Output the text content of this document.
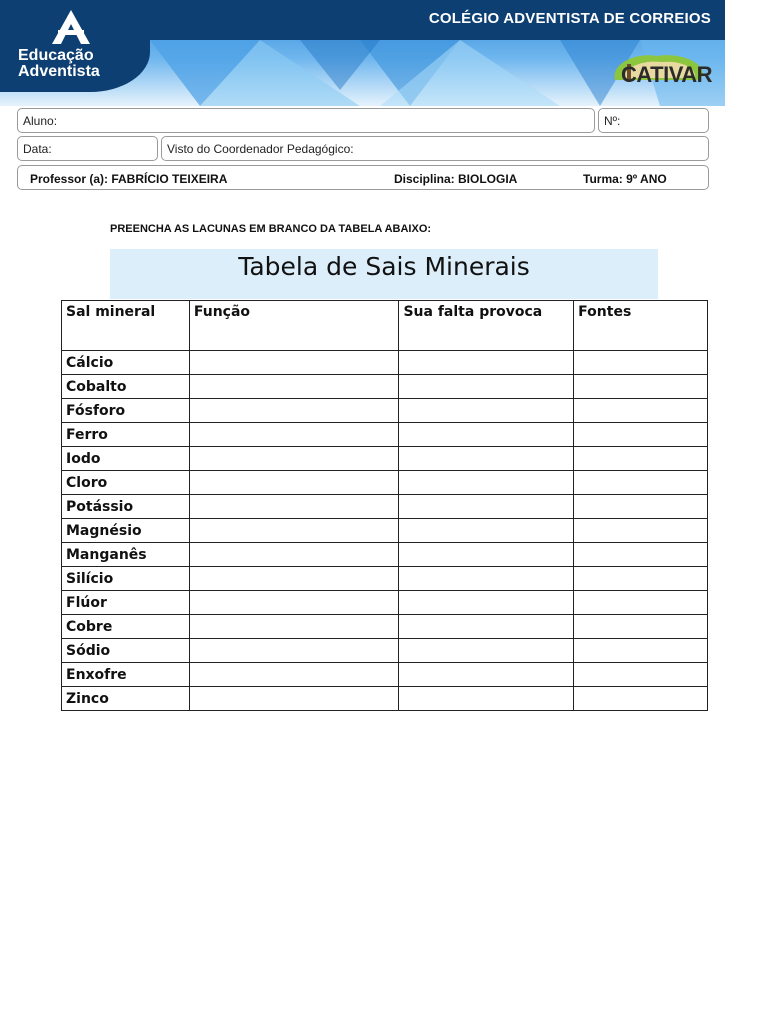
COLÉGIO ADVENTISTA DE CORREIOS
Educação
Adventista	CATIVAR
Aluno:	Nº:
Data:	Visto do Coordenador Pedagógico:
Professor (a): FABRÍCIO TEIXEIRA	Disciplina: BIOLOGIA	Turma: 9º ANO
PREENCHA AS LACUNAS EM BRANCO DA TABELA ABAIXO:
Tabela de Sais Minerais
Sal mineral	Função	Sua falta provoca	Fontes
Cálcio			
Cobalto			
Fósforo			
Ferro			
Iodo			
Cloro			
Potássio			
Magnésio			
Manganês			
Silício			
Flúor			
Cobre			
Sódio			
Enxofre			
Zinco			
